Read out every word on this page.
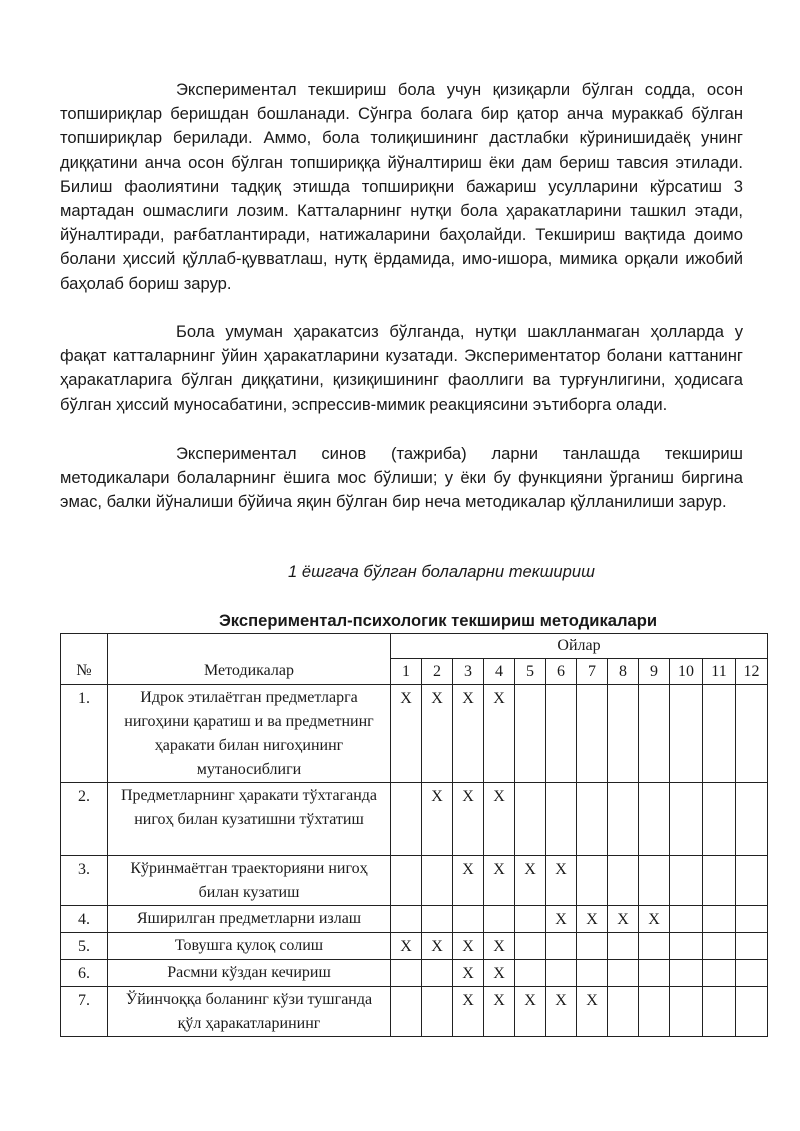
Экспериментал текшириш бола учун қизиқарли бўлган содда, осон топшириқлар беришдан бошланади. Сўнгра болага бир қатор анча мураккаб бўлган топшириқлар берилади. Аммо, бола толиқишининг дастлабки кўринишидаёқ унинг диққатини анча осон бўлган топшириққа йўналтириш ёки дам бериш тавсия этилади. Билиш фаолиятини тадқиқ этишда топшириқни бажариш усулларини кўрсатиш 3 мартадан ошмаслиги лозим. Катталарнинг нутқи бола ҳаракатларини ташкил этади, йўналтиради, рағбатлантиради, натижаларини баҳолайди. Текшириш вақтида доимо болани ҳиссий қўллаб-қувватлаш, нутқ ёрдамида, имо-ишора, мимика орқали ижобий баҳолаб бориш зарур.

Бола умуман ҳаракатсиз бўлганда, нутқи шаклланмаган ҳолларда у фақат катталарнинг ўйин ҳаракатларини кузатади. Экспериментатор болани каттанинг ҳаракатларига бўлган диққатини, қизиқишининг фаоллиги ва турғунлигини, ҳодисага бўлган ҳиссий муносабатини, эспрессив-мимик реакциясини эътиборга олади.

Экспериментал синов (тажриба) ларни танлашда текшириш методикалари болаларнинг ёшига мос бўлиши; у ёки бу функцияни ўрганиш биргина эмас, балки йўналиши бўйича яқин бўлган бир неча методикалар қўлланилиши зарур.

1 ёшгача бўлган болаларни текшириш
Экспериментал-психологик текшириш методикалари
№	Методикалар	Ойлар											
		1	2	3	4	5	6	7	8	9	10	11	12
1.	Идрок этилаётган предметларга нигоҳини қаратиш и ва предметнинг ҳаракати билан нигоҳининг мутаносиблиги	X	X	X	X								
2.	Предметларнинг ҳаракати тўхтаганда нигоҳ билан кузатишни тўхтатиш		X	X	X								
3.	Кўринмаётган траекторияни нигоҳ билан кузатиш			X	X	X	X						
4.	Яширилган предметларни излаш						X	X	X	X			
5.	Товушга қулоқ солиш	X	X	X	X								
6.	Расмни кўздан кечириш			X	X								
7.	Ўйинчоққа боланинг кўзи тушганда қўл ҳаракатларининг			X	X	X	X	X					
